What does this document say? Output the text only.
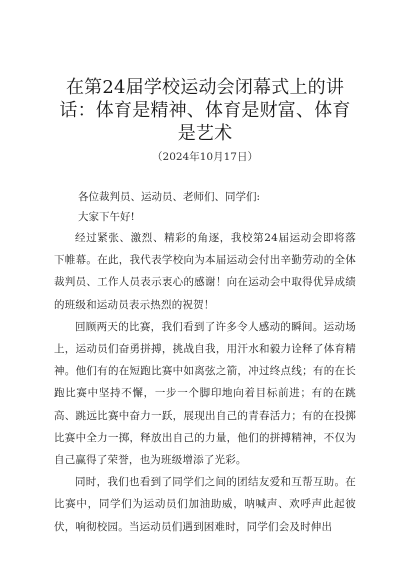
在第24届学校运动会闭幕式上的讲话：体育是精神、体育是财富、体育是艺术
（2024年10月17日）

各位裁判员、运动员、老师们、同学们:

大家下午好!

经过紧张、激烈、精彩的角逐，我校第24届运动会即将落下帷幕。在此，我代表学校向为本届运动会付出辛勤劳动的全体裁判员、工作人员表示衷心的感谢！向在运动会中取得优异成绩的班级和运动员表示热烈的祝贺！

回顾两天的比赛，我们看到了许多令人感动的瞬间。运动场上，运动员们奋勇拼搏，挑战自我，用汗水和毅力诠释了体育精神。他们有的在短跑比赛中如离弦之箭，冲过终点线；有的在长跑比赛中坚持不懈，一步一个脚印地向着目标前进；有的在跳高、跳远比赛中奋力一跃，展现出自己的青春活力；有的在投掷比赛中全力一掷，释放出自己的力量，他们的拼搏精神，不仅为自己赢得了荣誉，也为班级增添了光彩。

同时，我们也看到了同学们之间的团结友爱和互帮互助。在比赛中，同学们为运动员们加油助威，呐喊声、欢呼声此起彼伏，响彻校园。当运动员们遇到困难时，同学们会及时伸出
